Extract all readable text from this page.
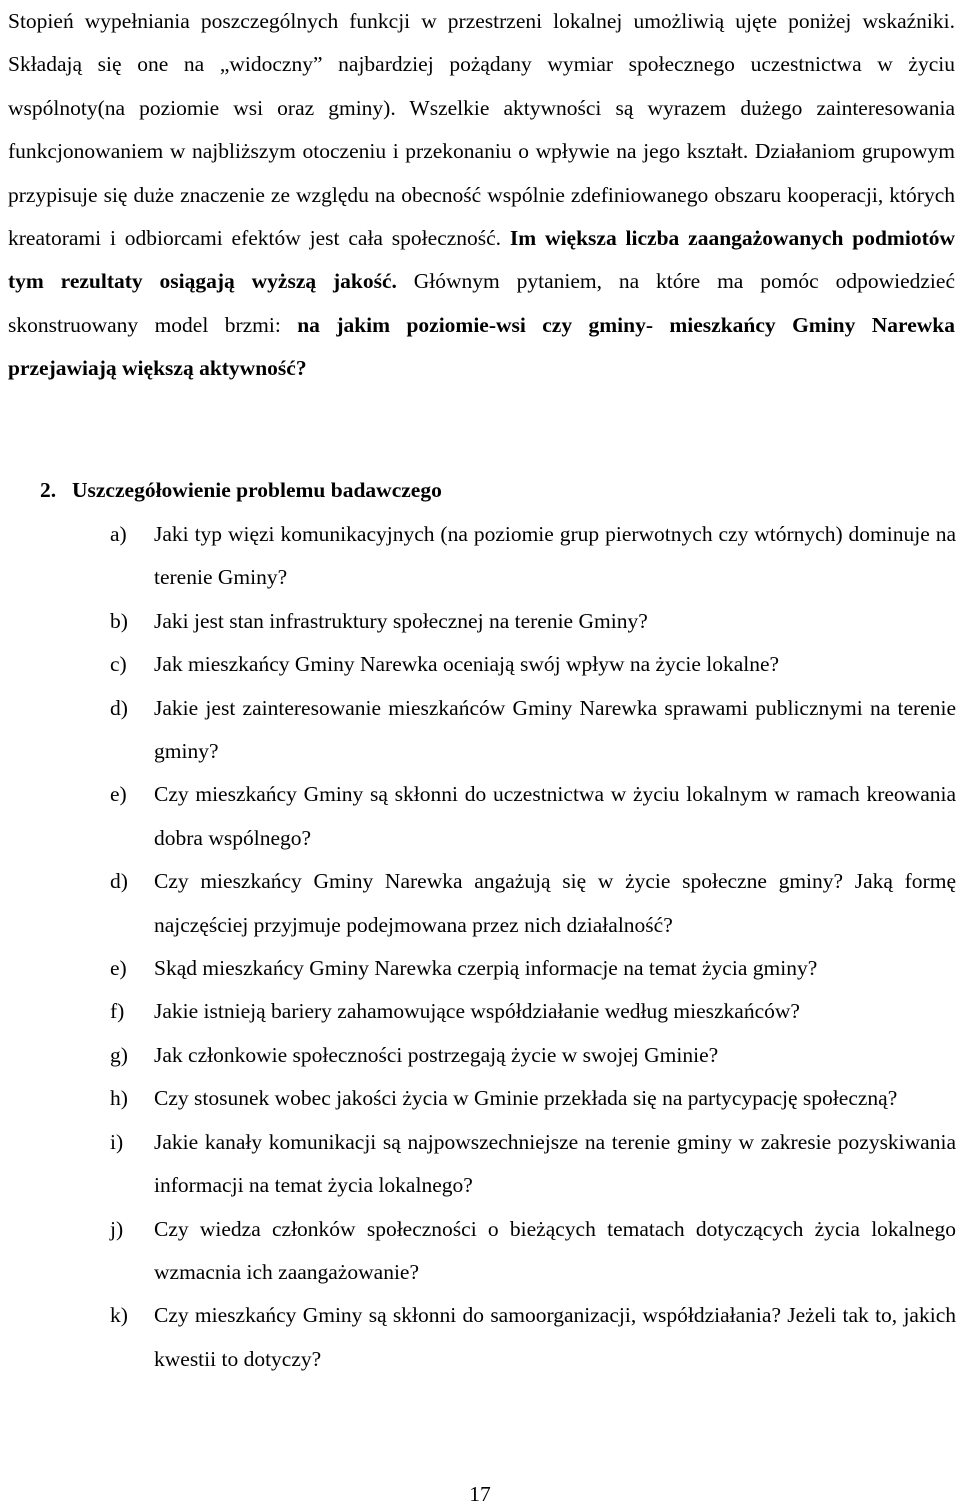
Stopień wypełniania poszczególnych funkcji w przestrzeni lokalnej umożliwią ujęte poniżej wskaźniki. Składają się one na „widoczny” najbardziej pożądany wymiar społecznego uczestnictwa w życiu wspólnoty(na poziomie wsi oraz gminy). Wszelkie aktywności są wyrazem dużego zainteresowania funkcjonowaniem w najbliższym otoczeniu i przekonaniu o wpływie na jego kształt. Działaniom grupowym przypisuje się duże znaczenie ze względu na obecność wspólnie zdefiniowanego obszaru kooperacji, których kreatorami i odbiorcami efektów jest cała społeczność. Im większa liczba zaangażowanych podmiotów tym rezultaty osiągają wyższą jakość. Głównym pytaniem, na które ma pomóc odpowiedzieć skonstruowany model brzmi: na jakim poziomie-wsi czy gminy- mieszkańcy Gminy Narewka przejawiają większą aktywność?

2. Uszczegółowienie problemu badawczego

a) Jaki typ więzi komunikacyjnych (na poziomie grup pierwotnych czy wtórnych) dominuje na terenie Gminy?
b) Jaki jest stan infrastruktury społecznej na terenie Gminy?
c) Jak mieszkańcy Gminy Narewka oceniają swój wpływ na życie lokalne?
d) Jakie jest zainteresowanie mieszkańców Gminy Narewka sprawami publicznymi na terenie gminy?
e) Czy mieszkańcy Gminy są skłonni do uczestnictwa w życiu lokalnym w ramach kreowania dobra wspólnego?
d) Czy mieszkańcy Gminy Narewka angażują się w życie społeczne gminy? Jaką formę najczęściej przyjmuje podejmowana przez nich działalność?
e) Skąd mieszkańcy Gminy Narewka czerpią informacje na temat życia gminy?
f) Jakie istnieją bariery zahamowujące współdziałanie według mieszkańców?
g) Jak członkowie społeczności postrzegają życie w swojej Gminie?
h) Czy stosunek wobec jakości życia w Gminie przekłada się na partycypację społeczną?
i) Jakie kanały komunikacji są najpowszechniejsze na terenie gminy w zakresie pozyskiwania informacji na temat życia lokalnego?
j) Czy wiedza członków społeczności o bieżących tematach dotyczących życia lokalnego wzmacnia ich zaangażowanie?
k) Czy mieszkańcy Gminy są skłonni do samoorganizacji, współdziałania? Jeżeli tak to, jakich kwestii to dotyczy?
17
